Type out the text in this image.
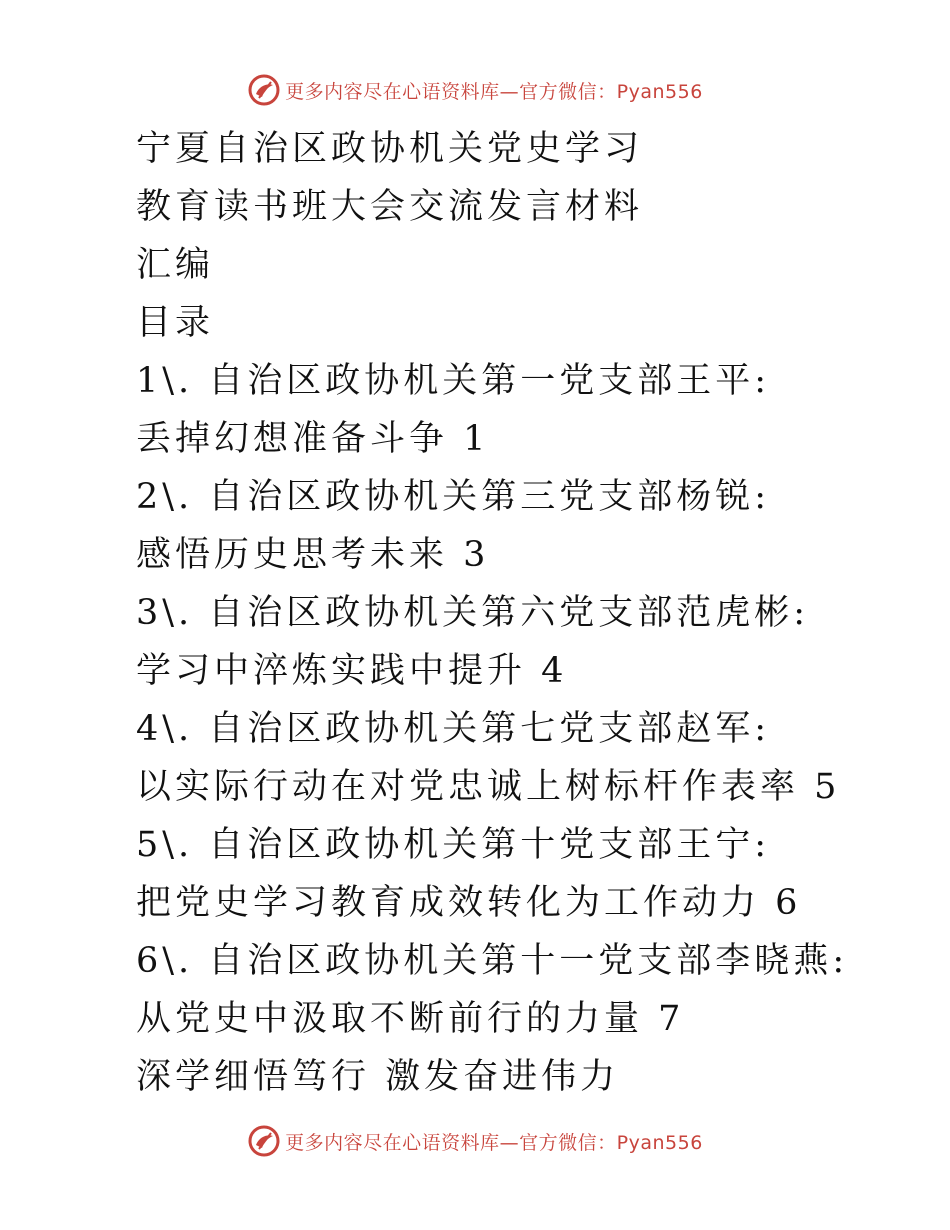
更多内容尽在心语资料库—官方微信：Pyan556
宁夏自治区政协机关党史学习
教育读书班大会交流发言材料
汇编
目录
1\. 自治区政协机关第一党支部王平:
丢掉幻想准备斗争 1
2\. 自治区政协机关第三党支部杨锐:
感悟历史思考未来 3
3\. 自治区政协机关第六党支部范虎彬:
学习中淬炼实践中提升 4
4\. 自治区政协机关第七党支部赵军:
以实际行动在对党忠诚上树标杆作表率 5
5\. 自治区政协机关第十党支部王宁:
把党史学习教育成效转化为工作动力 6
6\. 自治区政协机关第十一党支部李晓燕:
从党史中汲取不断前行的力量 7
深学细悟笃行 激发奋进伟力
更多内容尽在心语资料库—官方微信：Pyan556
